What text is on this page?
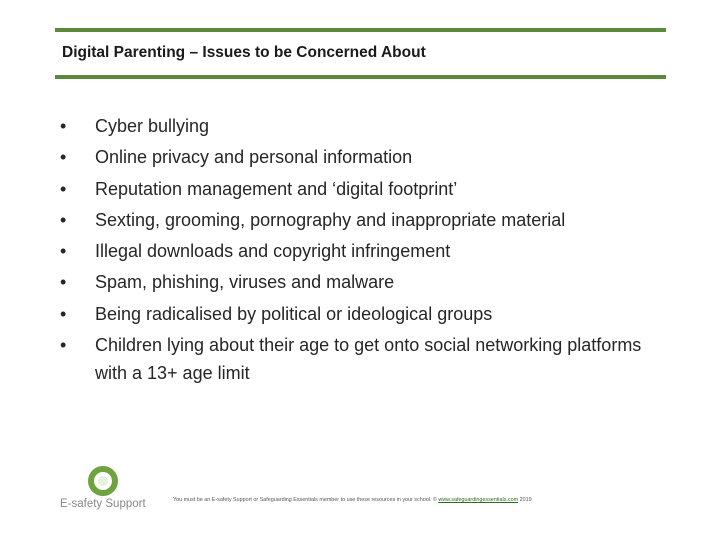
Digital Parenting – Issues to be Concerned About
• Cyber bullying
• Online privacy and personal information
• Reputation management and ‘digital footprint’
• Sexting, grooming, pornography and inappropriate material
• Illegal downloads and copyright infringement
• Spam, phishing, viruses and malware
• Being radicalised by political or ideological groups
• Children lying about their age to get onto social networking platforms with a 13+ age limit
E-safety Support	You must be an E-safety Support or Safeguarding Essentials member to use these resources in your school. © www.safeguardingessentials.com 2019
